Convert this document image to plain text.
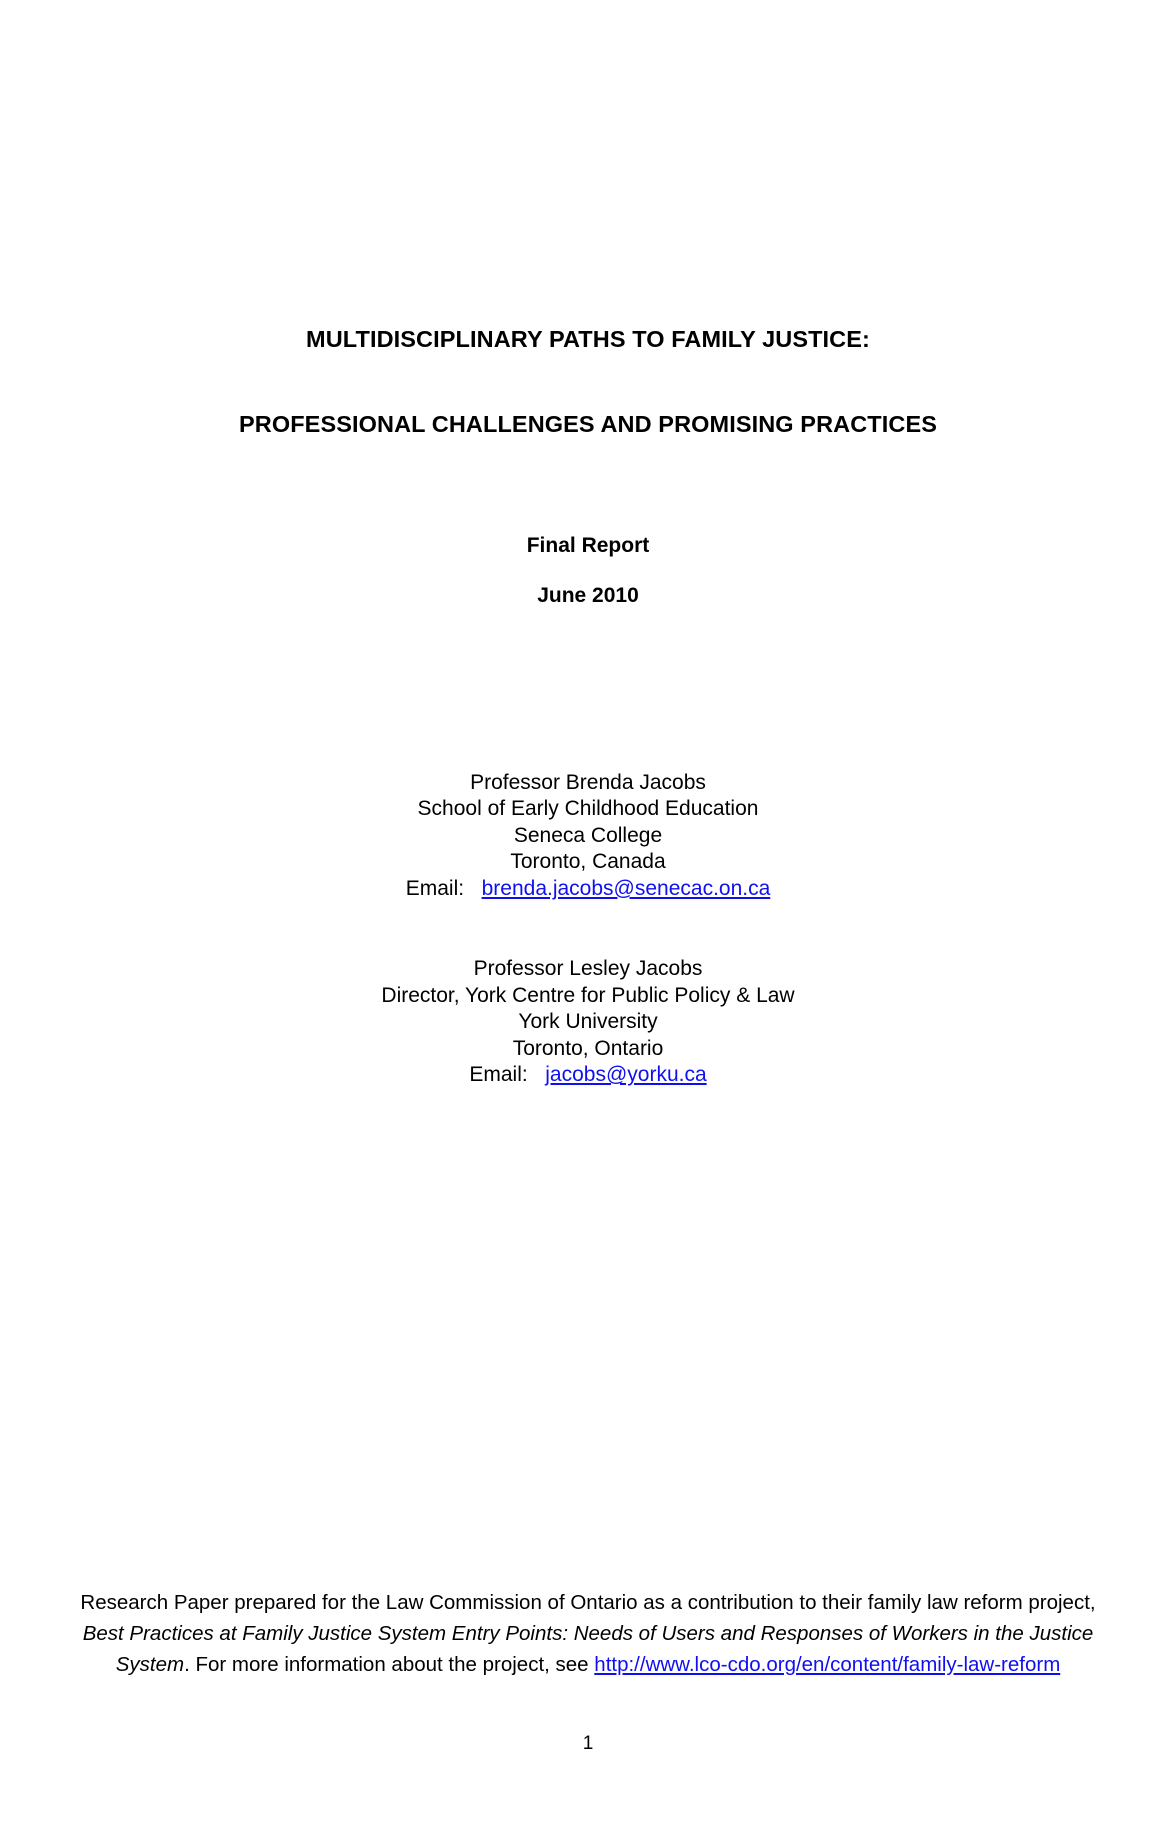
MULTIDISCIPLINARY PATHS TO FAMILY JUSTICE:
PROFESSIONAL CHALLENGES AND PROMISING PRACTICES
Final Report
June 2010
Professor Brenda Jacobs
School of Early Childhood Education
Seneca College
Toronto, Canada
Email: brenda.jacobs@senecac.on.ca
Professor Lesley Jacobs
Director, York Centre for Public Policy & Law
York University
Toronto, Ontario
Email: jacobs@yorku.ca
Research Paper prepared for the Law Commission of Ontario as a contribution to their family law reform project, Best Practices at Family Justice System Entry Points: Needs of Users and Responses of Workers in the Justice System. For more information about the project, see http://www.lco-cdo.org/en/content/family-law-reform
1
